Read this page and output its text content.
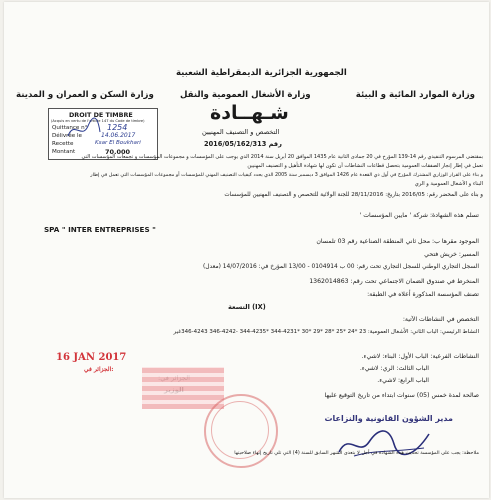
الجمهورية الجزائرية الديمقراطية الشعبية
وزارة الموارد المائية و البيئة
وزارة الأشغال العمومية والنقل
وزارة السكن و العمران و المدينة
DROIT DE TIMBRE
(Acquis en vertu de l'article 147 du Code de timbre)
Quittance n° 1254
Délivrée le	14.06.2017
Recette	Ksar El Boukhari
Montant	70.000
شـهــادة
التخصص و التصنيف المهنيين
رقم 2016/05/162/313
بمقتضى المرسوم التنفيذي رقم 14-139 المؤرخ في 20 جمادى الثانية عام 1435 الموافق 20 أبريل سنة 2014 الذي يوجب على المؤسسات و مجموعات المؤسسات و تجمعات المؤسسات التي
تعمل في إطار إنجاز الصفقات العمومية بتحصل قطاعات النشاطات أن تكون لها شهادة التأهيل و التصنيف المهنيين
و بناء على القرار الوزاري المشترك المؤرخ في أول ذي القعدة عام 1426 الموافق 3 ديسمبر سنة 2005 الذي يحدد كيفيات التصنيف المهني للمؤسسات أو مجموعات المؤسسات التي تعمل في إطار
البناء و الأشغال العمومية و الري
و بناء على المحضر رقم: 2016/05 بتاريخ: 28/11/2016 للجنة الولائية للتخصص و التصنيف المهنيين للمؤسسات
تسلم هذه الشهادة: شركة ' مايين المؤسسات '
SPA " INTER ENTREPRISES "
الموجود مقرها ب: محل ثاني المنطقة الصناعية رقم 03 تلمسان
المسير: خريش فتحي
السجل التجاري الوطني للسجل التجاري تحت رقم: 00 ب 0104914 - 13/00 المؤرخ في: 14/07/2016 (معدل)
المنخرط في صندوق الضمان الاجتماعي تحت رقم: 1362014863
تصنف المؤسسة المذكورة أعلاه في الطبقة:
(IX) التسعة
التخصص في النشاطات الآتية:
النشاط الرئيسي: الباب الثاني: الأشغال العمومية: 23 *24 *25 *28 *29 *30 *4231-344 *4235-344 -4242-346 4243-346غير
النشاطات الفرعية: الباب الأول: البناء: لاشيء.
الباب الثالث: الري: لاشيء.
الباب الرابع: لاشيء.
صالحة لمدة خمس (05) سنوات ابتداء من تاريخ التوقيع عليها
مدير الشؤون القانونية والنزاعات
16 JAN 2017
الجزائر في:
ملاحظة: يجب على المؤسسة تحديث هذه الشهادة في أجل لا يتعدى الشهر السابق للسنة (4) التي تلي تاريخ إنهاء صلاحيتها
